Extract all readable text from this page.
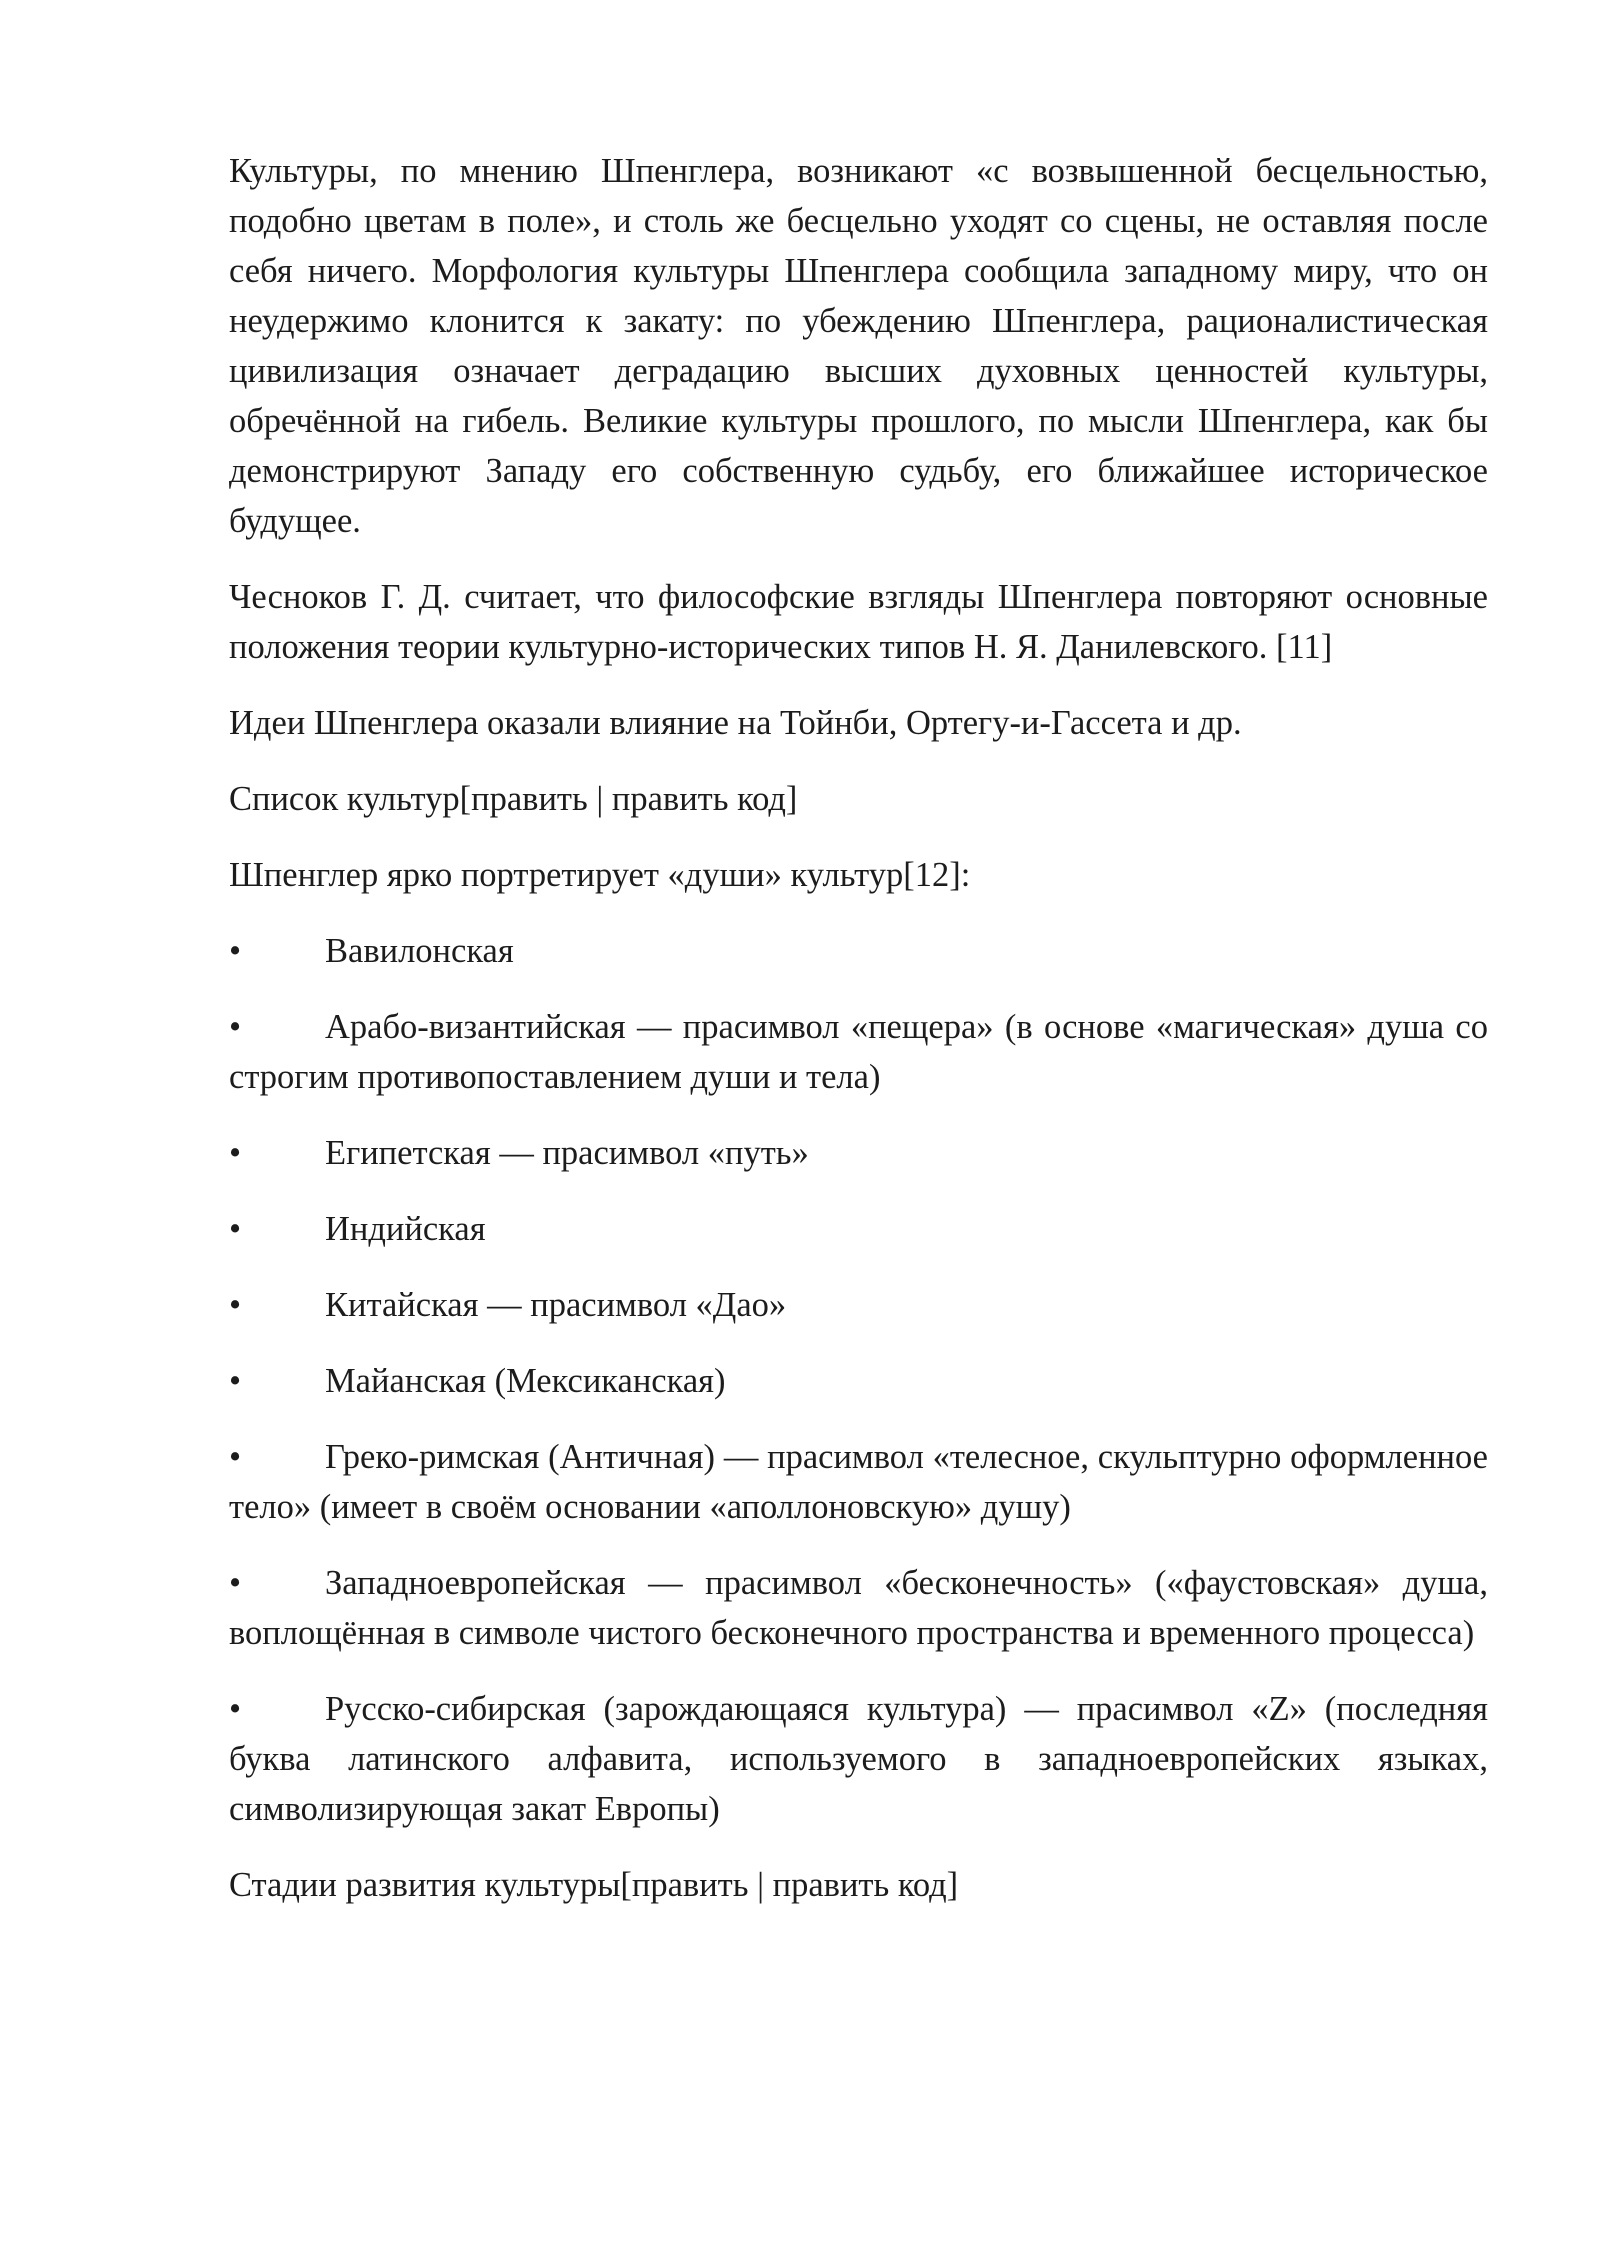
Культуры, по мнению Шпенглера, возникают «с возвышенной бесцельностью, подобно цветам в поле», и столь же бесцельно уходят со сцены, не оставляя после себя ничего. Морфология культуры Шпенглера сообщила западному миру, что он неудержимо клонится к закату: по убеждению Шпенглера, рационалистическая цивилизация означает деградацию высших духовных ценностей культуры, обречённой на гибель. Великие культуры прошлого, по мысли Шпенглера, как бы демонстрируют Западу его собственную судьбу, его ближайшее историческое будущее.

Чесноков Г. Д. считает, что философские взгляды Шпенглера повторяют основные положения теории культурно-исторических типов Н. Я. Данилевского. [11]

Идеи Шпенглера оказали влияние на Тойнби, Ортегу-и-Гассета и др.

Список культур[править | править код]

Шпенглер ярко портретирует «души» культур[12]:

• Вавилонская

• Арабо-византийская — прасимвол «пещера» (в основе «магическая» душа со строгим противопоставлением души и тела)

• Египетская — прасимвол «путь»

• Индийская

• Китайская — прасимвол «Дао»

• Майанская (Мексиканская)

• Греко-римская (Античная) — прасимвол «телесное, скульптурно оформленное тело» (имеет в своём основании «аполлоновскую» душу)

• Западноевропейская — прасимвол «бесконечность» («фаустовская» душа, воплощённая в символе чистого бесконечного пространства и временного процесса)

• Русско-сибирская (зарождающаяся культура) — прасимвол «Z» (последняя буква латинского алфавита, используемого в западноевропейских языках, символизирующая закат Европы)

Стадии развития культуры[править | править код]
